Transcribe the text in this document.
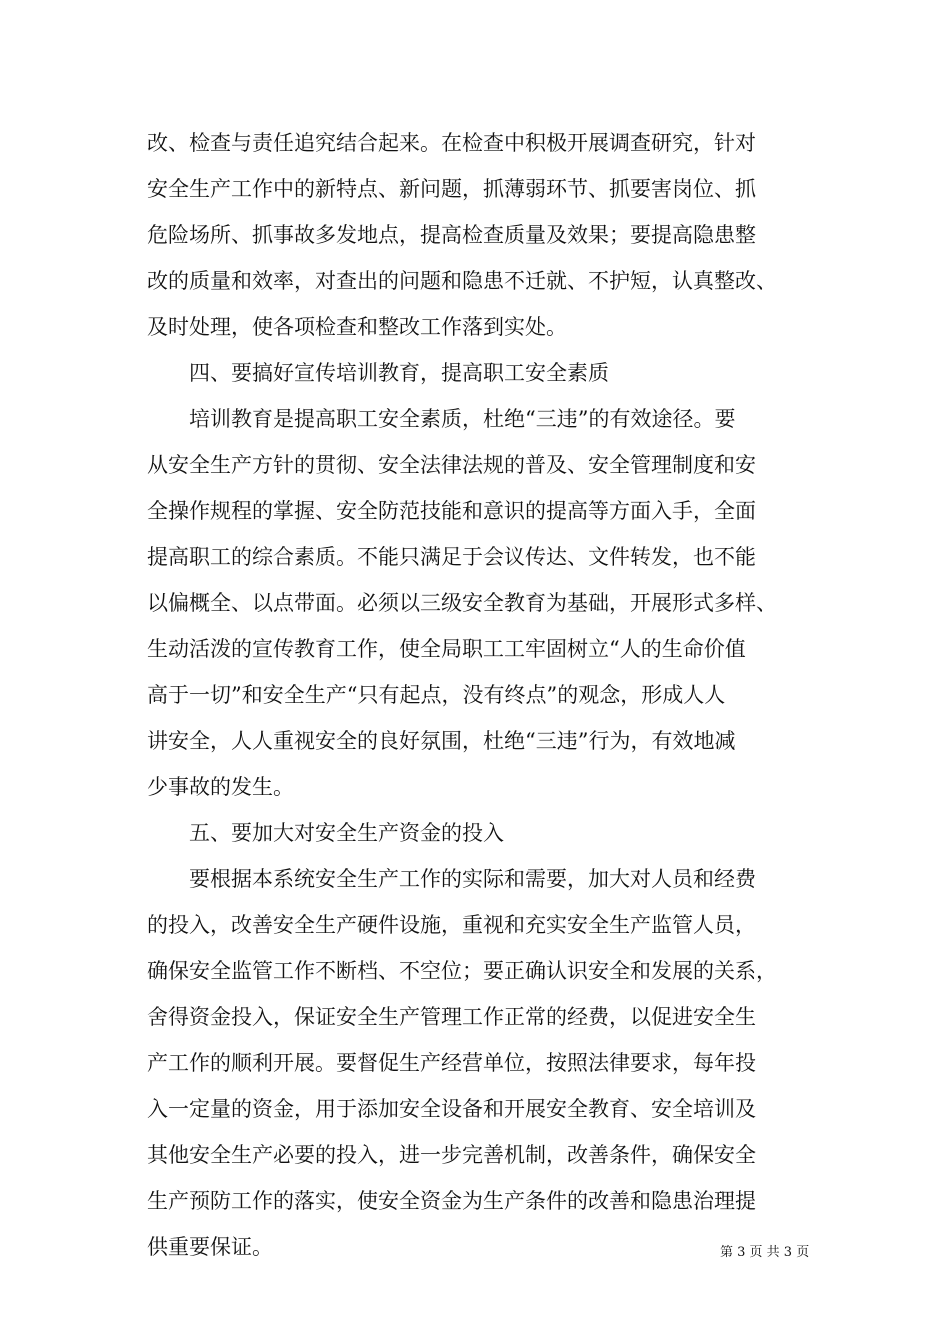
改、检查与责任追究结合起来。在检查中积极开展调查研究，针对
安全生产工作中的新特点、新问题，抓薄弱环节、抓要害岗位、抓
危险场所、抓事故多发地点，提高检查质量及效果；要提高隐患整
改的质量和效率，对查出的问题和隐患不迁就、不护短，认真整改、
及时处理，使各项检查和整改工作落到实处。
四、要搞好宣传培训教育，提高职工安全素质
培训教育是提高职工安全素质，杜绝“三违”的有效途径。要
从安全生产方针的贯彻、安全法律法规的普及、安全管理制度和安
全操作规程的掌握、安全防范技能和意识的提高等方面入手，全面
提高职工的综合素质。不能只满足于会议传达、文件转发，也不能
以偏概全、以点带面。必须以三级安全教育为基础，开展形式多样、
生动活泼的宣传教育工作，使全局职工工牢固树立“人的生命价值
高于一切”和安全生产“只有起点，没有终点”的观念，形成人人
讲安全，人人重视安全的良好氛围，杜绝“三违”行为，有效地减
少事故的发生。
五、要加大对安全生产资金的投入
要根据本系统安全生产工作的实际和需要，加大对人员和经费
的投入，改善安全生产硬件设施，重视和充实安全生产监管人员，
确保安全监管工作不断档、不空位；要正确认识安全和发展的关系，
舍得资金投入，保证安全生产管理工作正常的经费，以促进安全生
产工作的顺利开展。要督促生产经营单位，按照法律要求，每年投
入一定量的资金，用于添加安全设备和开展安全教育、安全培训及
其他安全生产必要的投入，进一步完善机制，改善条件，确保安全
生产预防工作的落实，使安全资金为生产条件的改善和隐患治理提
供重要保证。	第 3 页 共 3 页
